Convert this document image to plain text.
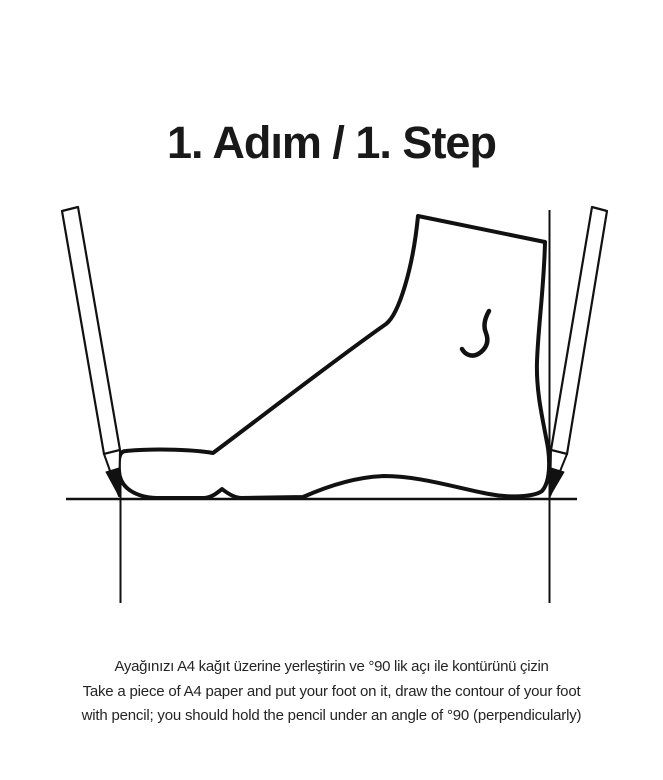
1. Adım / 1. Step

Ayağınızı A4 kağıt üzerine yerleştirin ve °90 lik açı ile kontürünü çizin

Take a piece of A4 paper and put your foot on it, draw the contour of your foot
with pencil; you should hold the pencil under an angle of °90 (perpendicularly)
